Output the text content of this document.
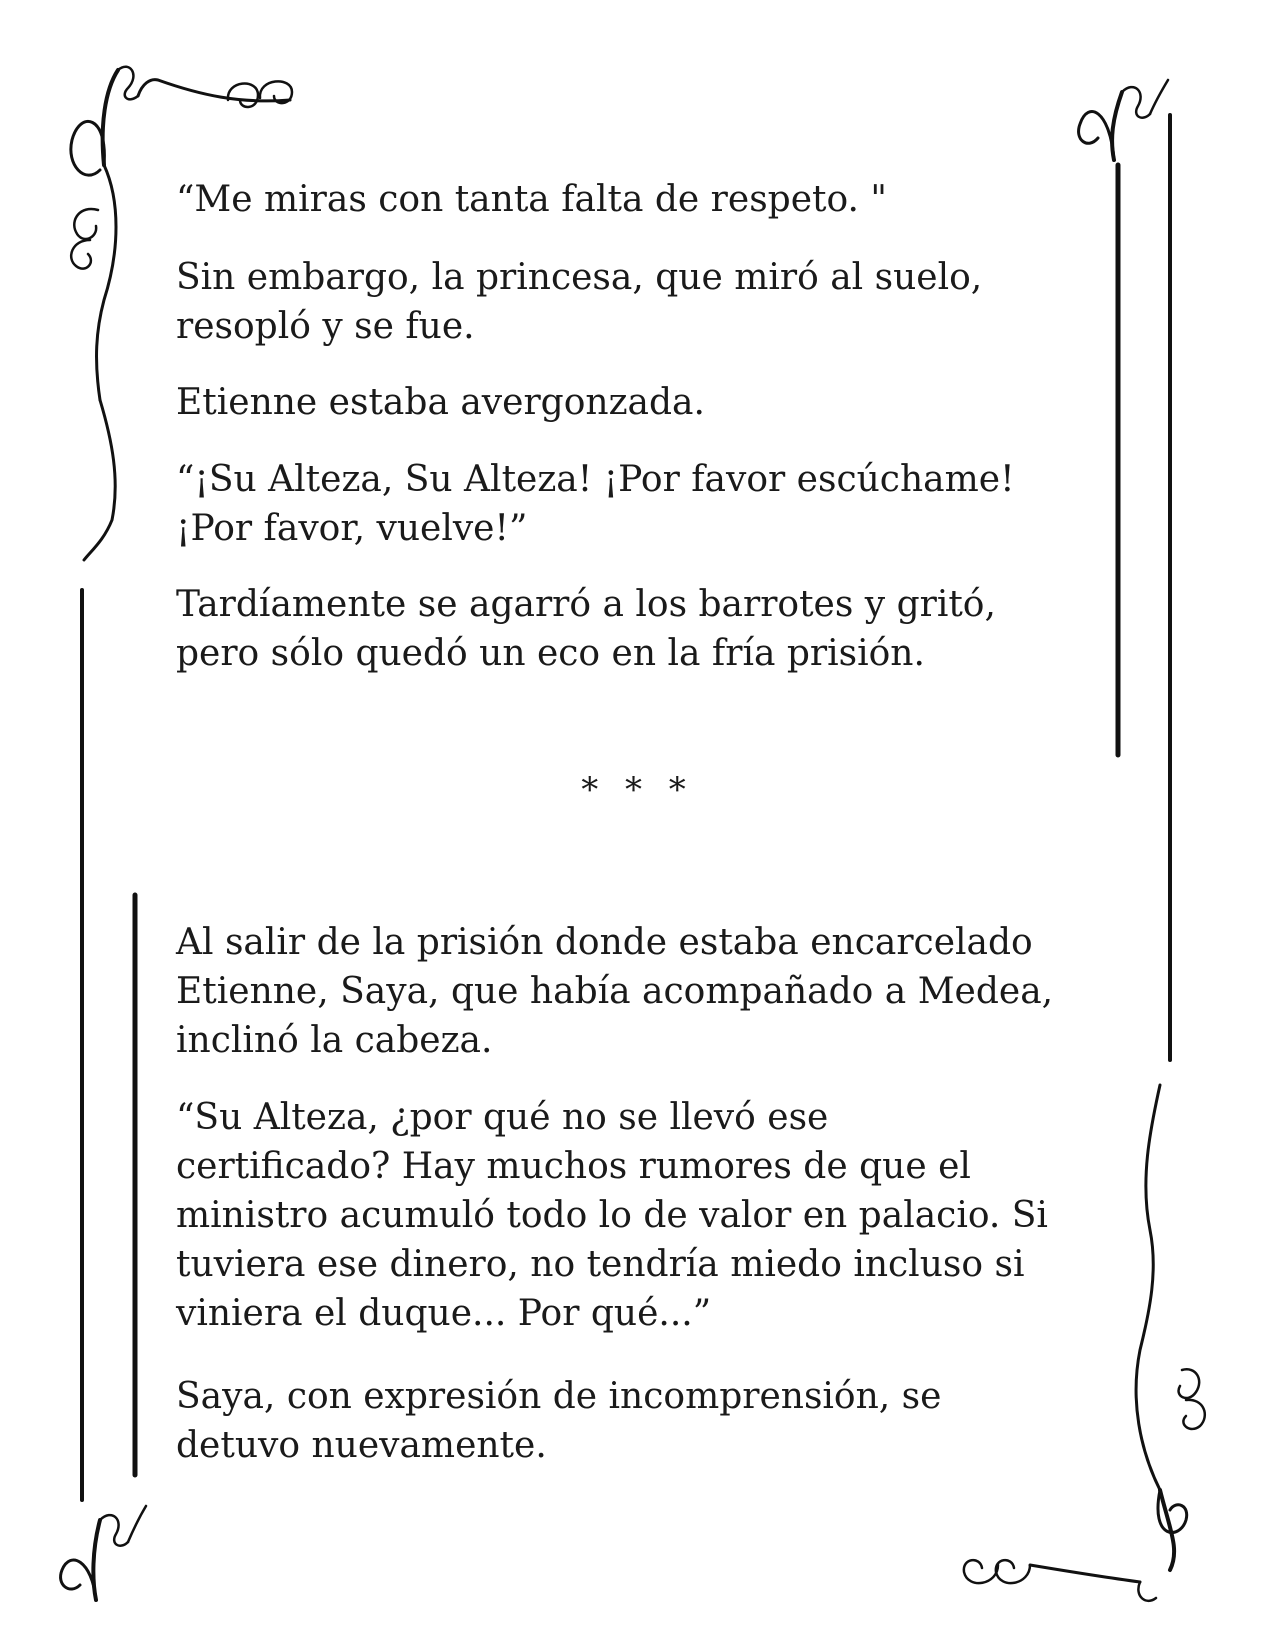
“Me miras con tanta falta de respeto. "

Sin embargo, la princesa, que miró al suelo,
resopló y se fue.

Etienne estaba avergonzada.

“¡Su Alteza, Su Alteza! ¡Por favor escúchame!
¡Por favor, vuelve!”

Tardíamente se agarró a los barrotes y gritó,
pero sólo quedó un eco en la fría prisión.

* * *

Al salir de la prisión donde estaba encarcelado
Etienne, Saya, que había acompañado a Medea,
inclinó la cabeza.

“Su Alteza, ¿por qué no se llevó ese
certificado? Hay muchos rumores de que el
ministro acumuló todo lo de valor en palacio. Si
tuviera ese dinero, no tendría miedo incluso si
viniera el duque... Por qué...”

Saya, con expresión de incomprensión, se
detuvo nuevamente.
